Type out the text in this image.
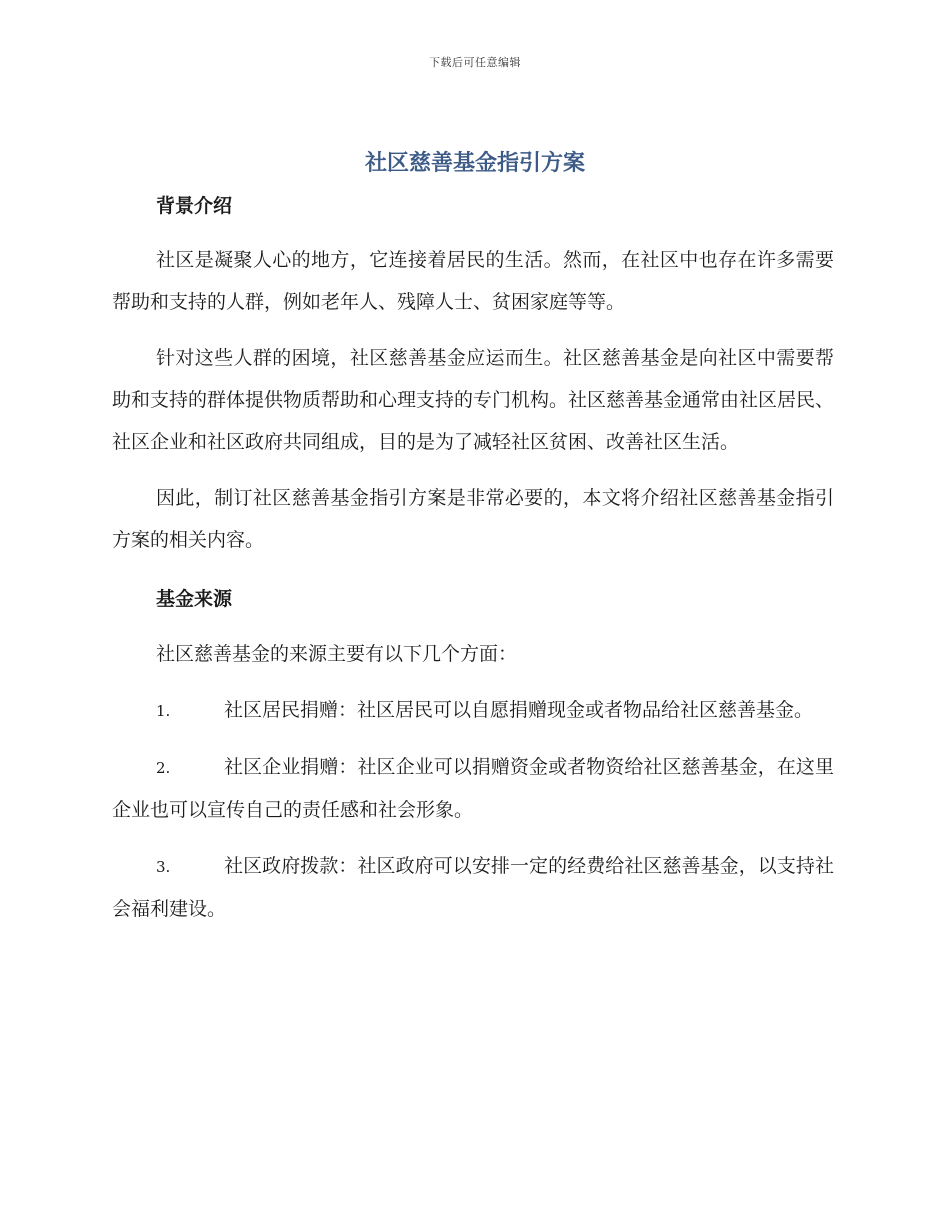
下载后可任意编辑
社区慈善基金指引方案
背景介绍

社区是凝聚人心的地方，它连接着居民的生活。然而，在社区中也存在许多需要帮助和支持的人群，例如老年人、残障人士、贫困家庭等等。

针对这些人群的困境，社区慈善基金应运而生。社区慈善基金是向社区中需要帮助和支持的群体提供物质帮助和心理支持的专门机构。社区慈善基金通常由社区居民、社区企业和社区政府共同组成，目的是为了减轻社区贫困、改善社区生活。

因此，制订社区慈善基金指引方案是非常必要的，本文将介绍社区慈善基金指引方案的相关内容。

基金来源

社区慈善基金的来源主要有以下几个方面：

1.	社区居民捐赠：社区居民可以自愿捐赠现金或者物品给社区慈善基金。

2.	社区企业捐赠：社区企业可以捐赠资金或者物资给社区慈善基金，在这里企业也可以宣传自己的责任感和社会形象。

3.	社区政府拨款：社区政府可以安排一定的经费给社区慈善基金，以支持社会福利建设。
